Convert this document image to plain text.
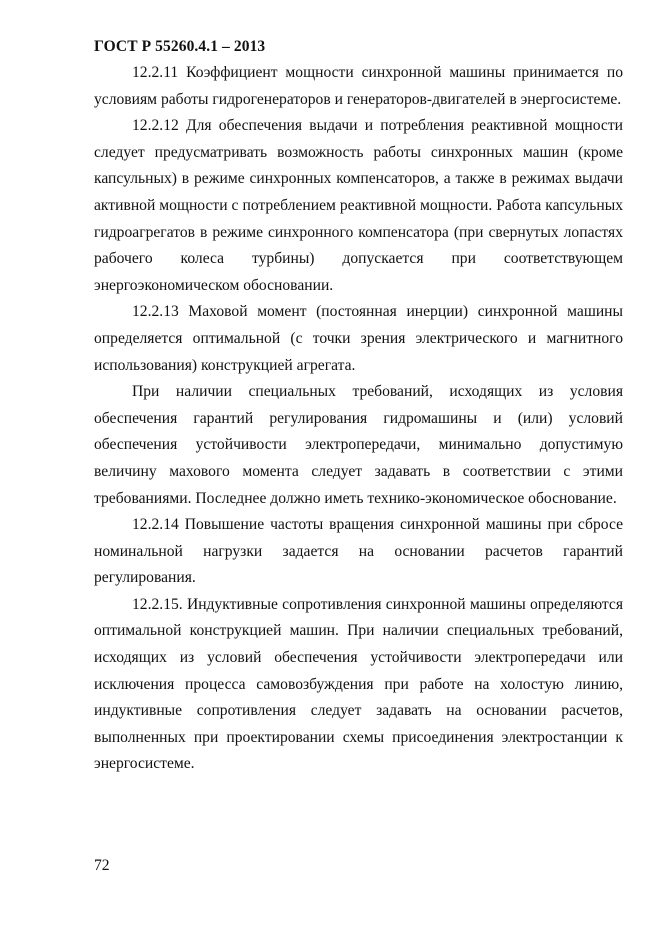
ГОСТ Р 55260.4.1 – 2013

12.2.11 Коэффициент мощности синхронной машины принимается по условиям работы гидрогенераторов и генераторов-двигателей в энергосистеме.

12.2.12 Для обеспечения выдачи и потребления реактивной мощности следует предусматривать возможность работы синхронных машин (кроме капсульных) в режиме синхронных компенсаторов, а также в режимах выдачи активной мощности с потреблением реактивной мощности. Работа капсульных гидроагрегатов в режиме синхронного компенсатора (при свернутых лопастях рабочего колеса турбины) допускается при соответствующем энергоэкономическом обосновании.

12.2.13 Маховой момент (постоянная инерции) синхронной машины определяется оптимальной (с точки зрения электрического и магнитного использования) конструкцией агрегата.

При наличии специальных требований, исходящих из условия обеспечения гарантий регулирования гидромашины и (или) условий обеспечения устойчивости электропередачи, минимально допустимую величину махового момента следует задавать в соответствии с этими требованиями. Последнее должно иметь технико-экономическое обоснование.

12.2.14 Повышение частоты вращения синхронной машины при сбросе номинальной нагрузки задается на основании расчетов гарантий регулирования.

12.2.15. Индуктивные сопротивления синхронной машины определяются оптимальной конструкцией машин. При наличии специальных требований, исходящих из условий обеспечения устойчивости электропередачи или исключения процесса самовозбуждения при работе на холостую линию, индуктивные сопротивления следует задавать на основании расчетов, выполненных при проектировании схемы присоединения электростанции к энергосистеме.

72
